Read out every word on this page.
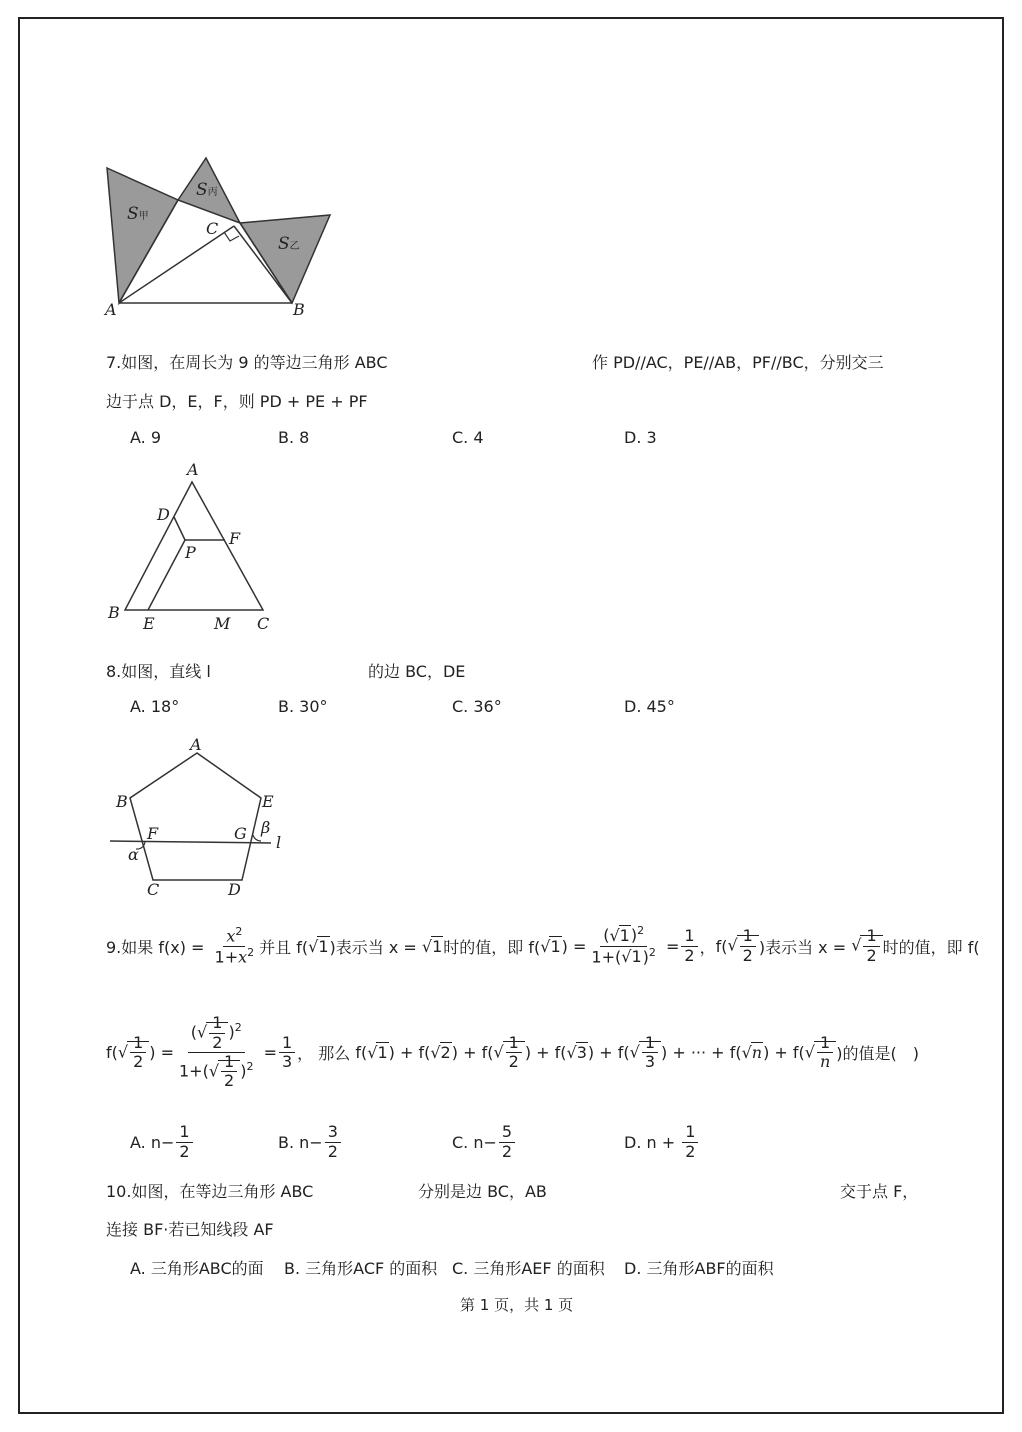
S甲
S丙
S乙
C
A	B
7.如图，在周长为 9 的等边三角形 ABC	作 PD//AC，PE//AB，PF//BC，分别交三
边于点 D，E，F，则 PD + PE + PF
A. 9	B. 8	C. 4	D. 3
A
D
F
P
B
E	M C
8.如图，直线 l	的边 BC，DE
A. 18°	B. 30°	C. 36°	D. 45°
A
B	E
F	G β
l
α
C	D
9.如果 f(x) =
$\frac{x^2}{1+x^2}$ 并且 f( √1 )表示当 x =
√1 时的值，即 f( √1 ) = $\frac{(√1)^2}{1+(√1)^2}$
= $\frac{1}{2}$ ， f( √ $\frac{1}{2}$ )表示当 x =
√ $\frac{1}{2}$ 时的值，即 f(
f( √ $\frac{1}{2}$ ) = $\frac{(√ \frac{1}{2} )^2}{1+(√ \frac{1}{2} )^2}$
= $\frac{1}{3}$ ， 那么
f( √1 ) + f( √2 ) + f( √ $\frac{1}{2}$ ) + f( √3 ) + f( √ $\frac{1}{3}$ ) + ··· +
f( √n ) + f( √ $\frac{1}{n}$ )的值是(　)
A. $n- \frac{1}{2}$	B. $n- \frac{3}{2}$	C. $n- \frac{5}{2}$	D. n +
$\frac{1}{2}$
10.如图，在等边三角形 ABC	分别是边 BC，AB	交于点 F，
连接 BF·若已知线段 AF
A. 三角形ABC的面 B. 三角形ACF 的面积 C. 三角形AEF 的面积 D. 三角形ABF的面积
第 1 页，共 1 页
